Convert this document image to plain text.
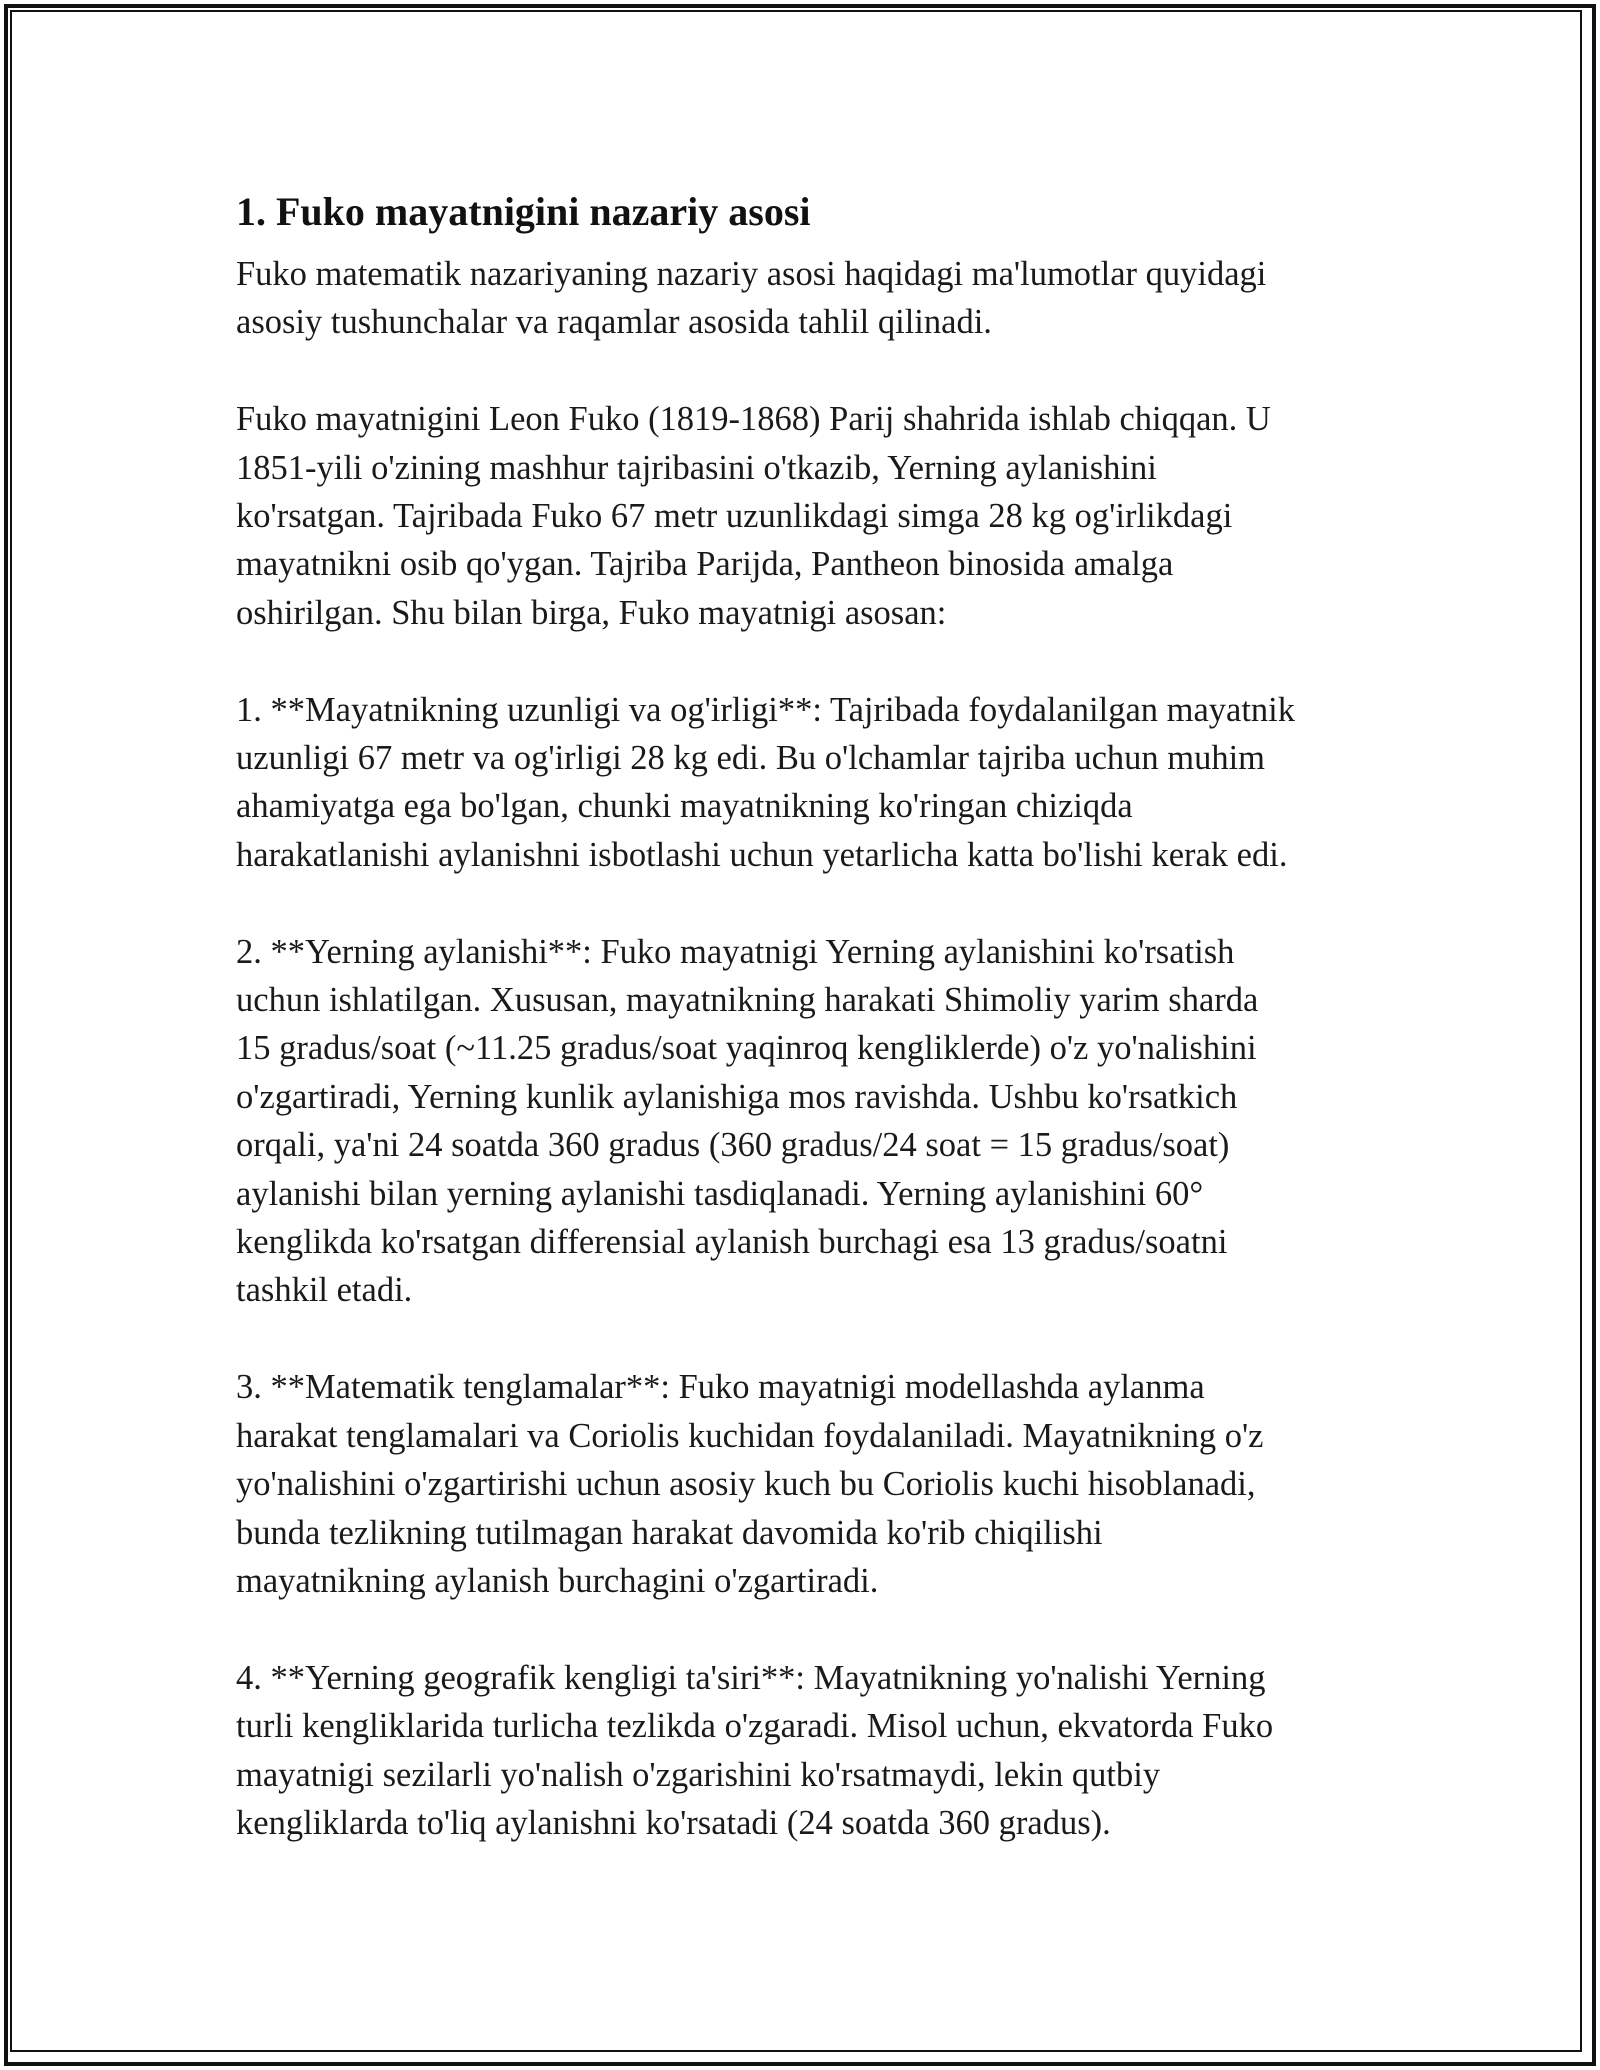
1. Fuko mayatnigini nazariy asosi

Fuko matematik nazariyaning nazariy asosi haqidagi ma'lumotlar quyidagi
asosiy tushunchalar va raqamlar asosida tahlil qilinadi.

Fuko mayatnigini Leon Fuko (1819-1868) Parij shahrida ishlab chiqqan. U
1851-yili o'zining mashhur tajribasini o'tkazib, Yerning aylanishini
ko'rsatgan. Tajribada Fuko 67 metr uzunlikdagi simga 28 kg og'irlikdagi
mayatnikni osib qo'ygan. Tajriba Parijda, Pantheon binosida amalga
oshirilgan. Shu bilan birga, Fuko mayatnigi asosan:

1. **Mayatnikning uzunligi va og'irligi**: Tajribada foydalanilgan mayatnik
uzunligi 67 metr va og'irligi 28 kg edi. Bu o'lchamlar tajriba uchun muhim
ahamiyatga ega bo'lgan, chunki mayatnikning ko'ringan chiziqda
harakatlanishi aylanishni isbotlashi uchun yetarlicha katta bo'lishi kerak edi.

2. **Yerning aylanishi**: Fuko mayatnigi Yerning aylanishini ko'rsatish
uchun ishlatilgan. Xususan, mayatnikning harakati Shimoliy yarim sharda
15 gradus/soat (~11.25 gradus/soat yaqinroq kengliklerde) o'z yo'nalishini
o'zgartiradi, Yerning kunlik aylanishiga mos ravishda. Ushbu ko'rsatkich
orqali, ya'ni 24 soatda 360 gradus (360 gradus/24 soat = 15 gradus/soat)
aylanishi bilan yerning aylanishi tasdiqlanadi. Yerning aylanishini 60°
kenglikda ko'rsatgan differensial aylanish burchagi esa 13 gradus/soatni
tashkil etadi.

3. **Matematik tenglamalar**: Fuko mayatnigi modellashda aylanma
harakat tenglamalari va Coriolis kuchidan foydalaniladi. Mayatnikning o'z
yo'nalishini o'zgartirishi uchun asosiy kuch bu Coriolis kuchi hisoblanadi,
bunda tezlikning tutilmagan harakat davomida ko'rib chiqilishi
mayatnikning aylanish burchagini o'zgartiradi.

4. **Yerning geografik kengligi ta'siri**: Mayatnikning yo'nalishi Yerning
turli kengliklarida turlicha tezlikda o'zgaradi. Misol uchun, ekvatorda Fuko
mayatnigi sezilarli yo'nalish o'zgarishini ko'rsatmaydi, lekin qutbiy
kengliklarda to'liq aylanishni ko'rsatadi (24 soatda 360 gradus).
